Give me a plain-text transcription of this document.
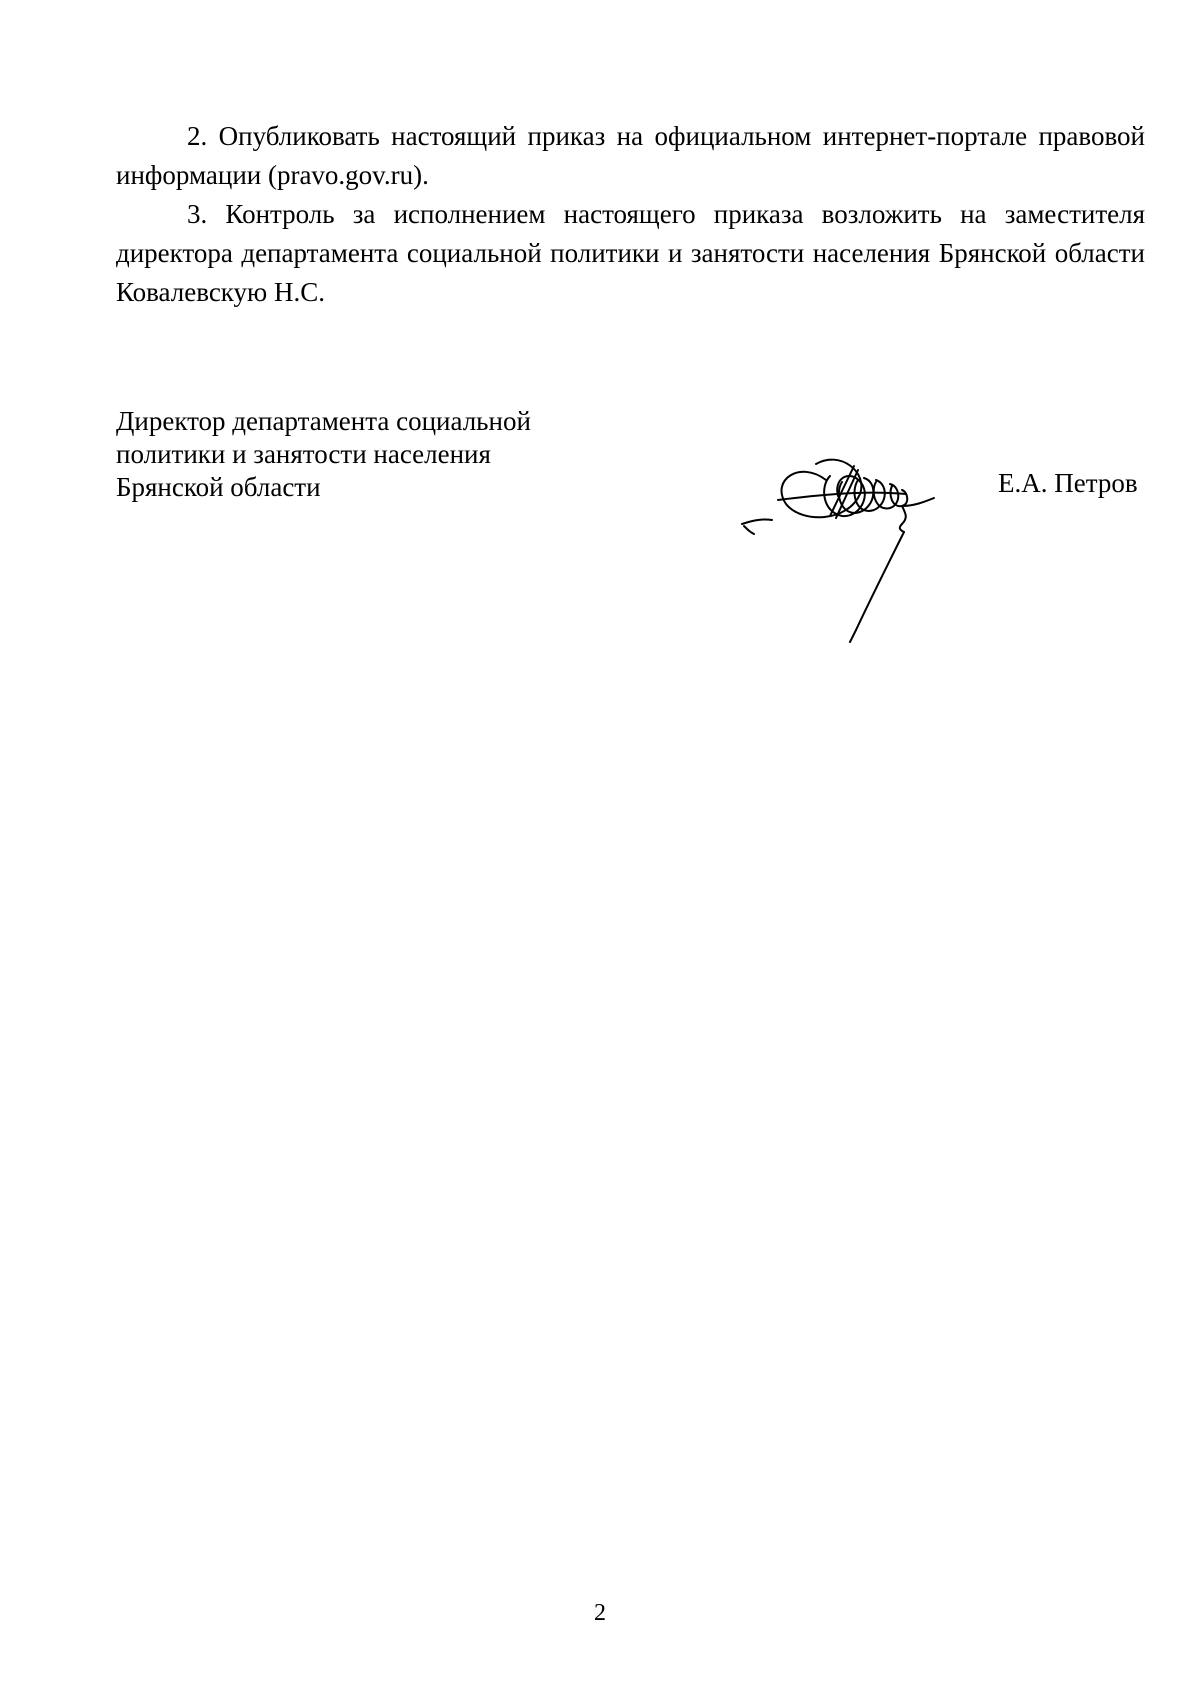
2. Опубликовать настоящий приказ на официальном интернет-портале правовой информации (pravo.gov.ru).

3. Контроль за исполнением настоящего приказа возложить на заместителя директора департамента социальной политики и занятости населения Брянской области Ковалевскую Н.С.

Директор департамента социальной
политики и занятости населения
Брянской области	Е.А. Петров
2
